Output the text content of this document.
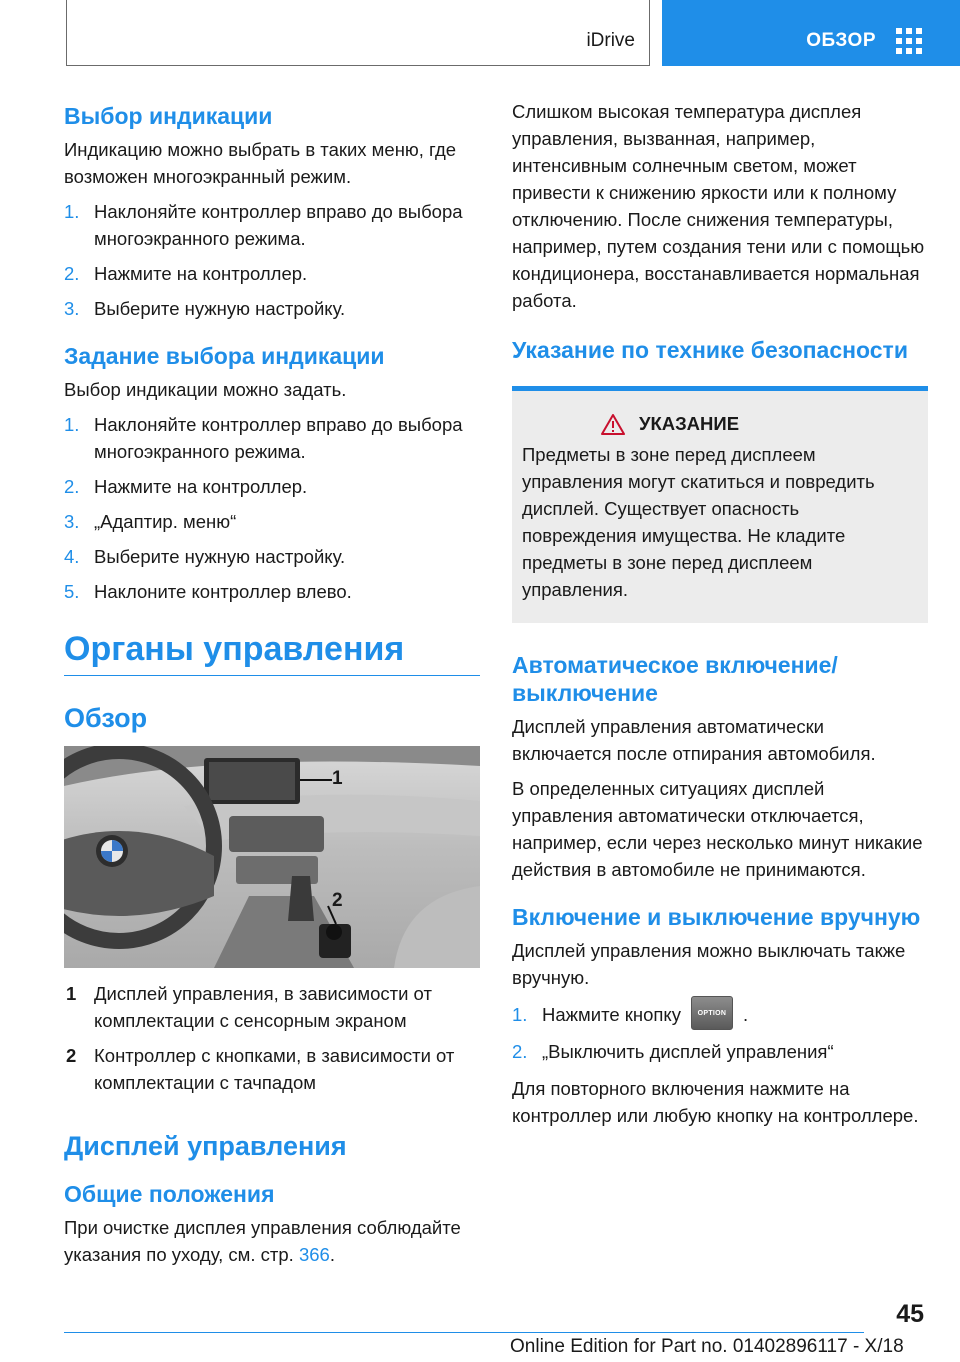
iDrive	ОБЗОР
Выбор индикации

Индикацию можно выбрать в таких меню, где возможен многоэкранный режим.

1. Наклоняйте контроллер вправо до выбора многоэкранного режима.
2. Нажмите на контроллер.
3. Выберите нужную настройку.
Задание выбора индикации

Выбор индикации можно задать.

1. Наклоняйте контроллер вправо до выбора многоэкранного режима.
2. Нажмите на контроллер.
3. „Адаптир. меню“
4. Выберите нужную настройку.
5. Наклоните контроллер влево.
Органы управления
Обзор
1
2
1 Дисплей управления, в зависимости от комплектации с сенсорным экраном
2 Контроллер с кнопками, в зависимости от комплектации с тачпадом
Дисплей управления
Общие положения

При очистке дисплея управления соблюдайте указания по уходу, см. стр. 366.

Слишком высокая температура дисплея управления, вызванная, например, интенсивным солнечным светом, может привести к снижению яркости или к полному отключению. После снижения температуры, например, путем создания тени или с помощью кондиционера, восстанавливается нормальная работа.

Указание по технике безопасности
УКАЗАНИЕ

Предметы в зоне перед дисплеем управления могут скатиться и повредить дисплей. Существует опасность повреждения имущества. Не кладите предметы в зоне перед дисплеем управления.

Автоматическое включение/выключение

Дисплей управления автоматически включается после отпирания автомобиля.

В определенных ситуациях дисплей управления автоматически отключается, например, если через несколько минут никакие действия в автомобиле не принимаются.

Включение и выключение вручную

Дисплей управления можно выключать также вручную.

1. Нажмите кнопку OPTION .
2. „Выключить дисплей управления“

Для повторного включения нажмите на контроллер или любую кнопку на контроллере.

45
Online Edition for Part no. 01402896117 - X/18
